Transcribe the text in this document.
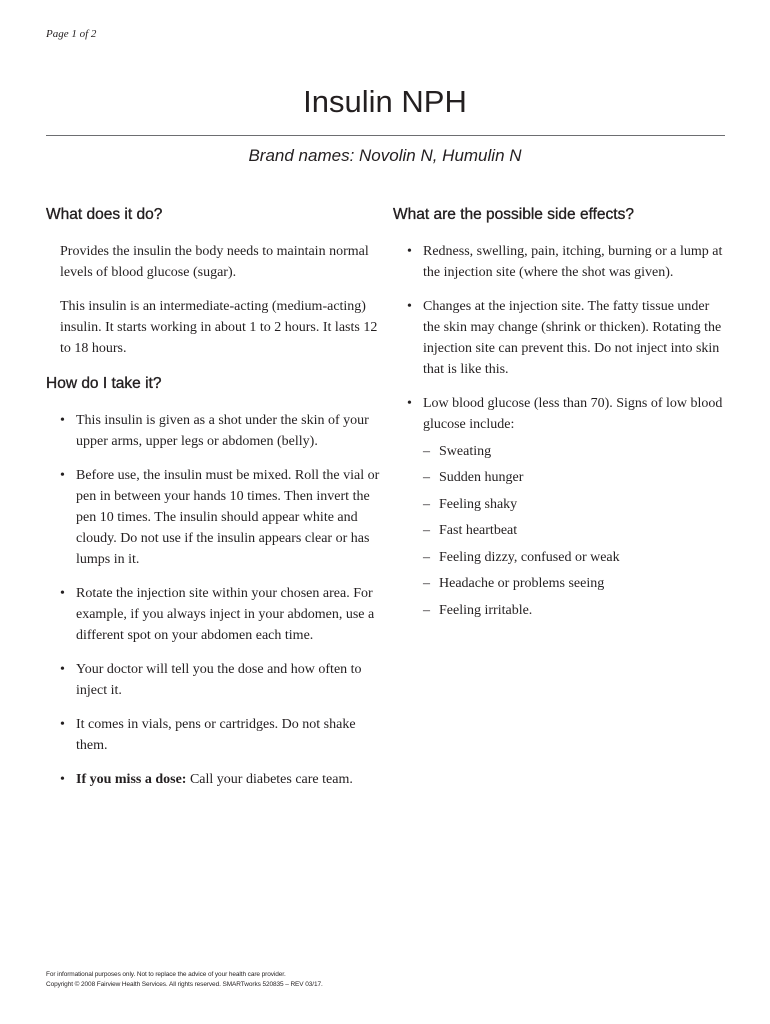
Page 1 of 2
Insulin NPH
Brand names: Novolin N, Humulin N
What does it do?

Provides the insulin the body needs to maintain normal levels of blood glucose (sugar).

This insulin is an intermediate-acting (medium-acting) insulin. It starts working in about 1 to 2 hours. It lasts 12 to 18 hours.

How do I take it?
• This insulin is given as a shot under the skin of your upper arms, upper legs or abdomen (belly).
• Before use, the insulin must be mixed. Roll the vial or pen in between your hands 10 times. Then invert the pen 10 times. The insulin should appear white and cloudy. Do not use if the insulin appears clear or has lumps in it.
• Rotate the injection site within your chosen area. For example, if you always inject in your abdomen, use a different spot on your abdomen each time.
• Your doctor will tell you the dose and how often to inject it.
• It comes in vials, pens or cartridges. Do not shake them.
• If you miss a dose: Call your diabetes care team.
What are the possible side effects?
• Redness, swelling, pain, itching, burning or a lump at the injection site (where the shot was given).
• Changes at the injection site. The fatty tissue under the skin may change (shrink or thicken). Rotating the injection site can prevent this. Do not inject into skin that is like this.
• Low blood glucose (less than 70). Signs of low blood glucose include:
– Sweating
– Sudden hunger
– Feeling shaky
– Fast heartbeat
– Feeling dizzy, confused or weak
– Headache or problems seeing
– Feeling irritable.
For informational purposes only. Not to replace the advice of your health care provider.
Copyright © 2008 Fairview Health Services. All rights reserved. SMARTworks 520835 – REV 03/17.
